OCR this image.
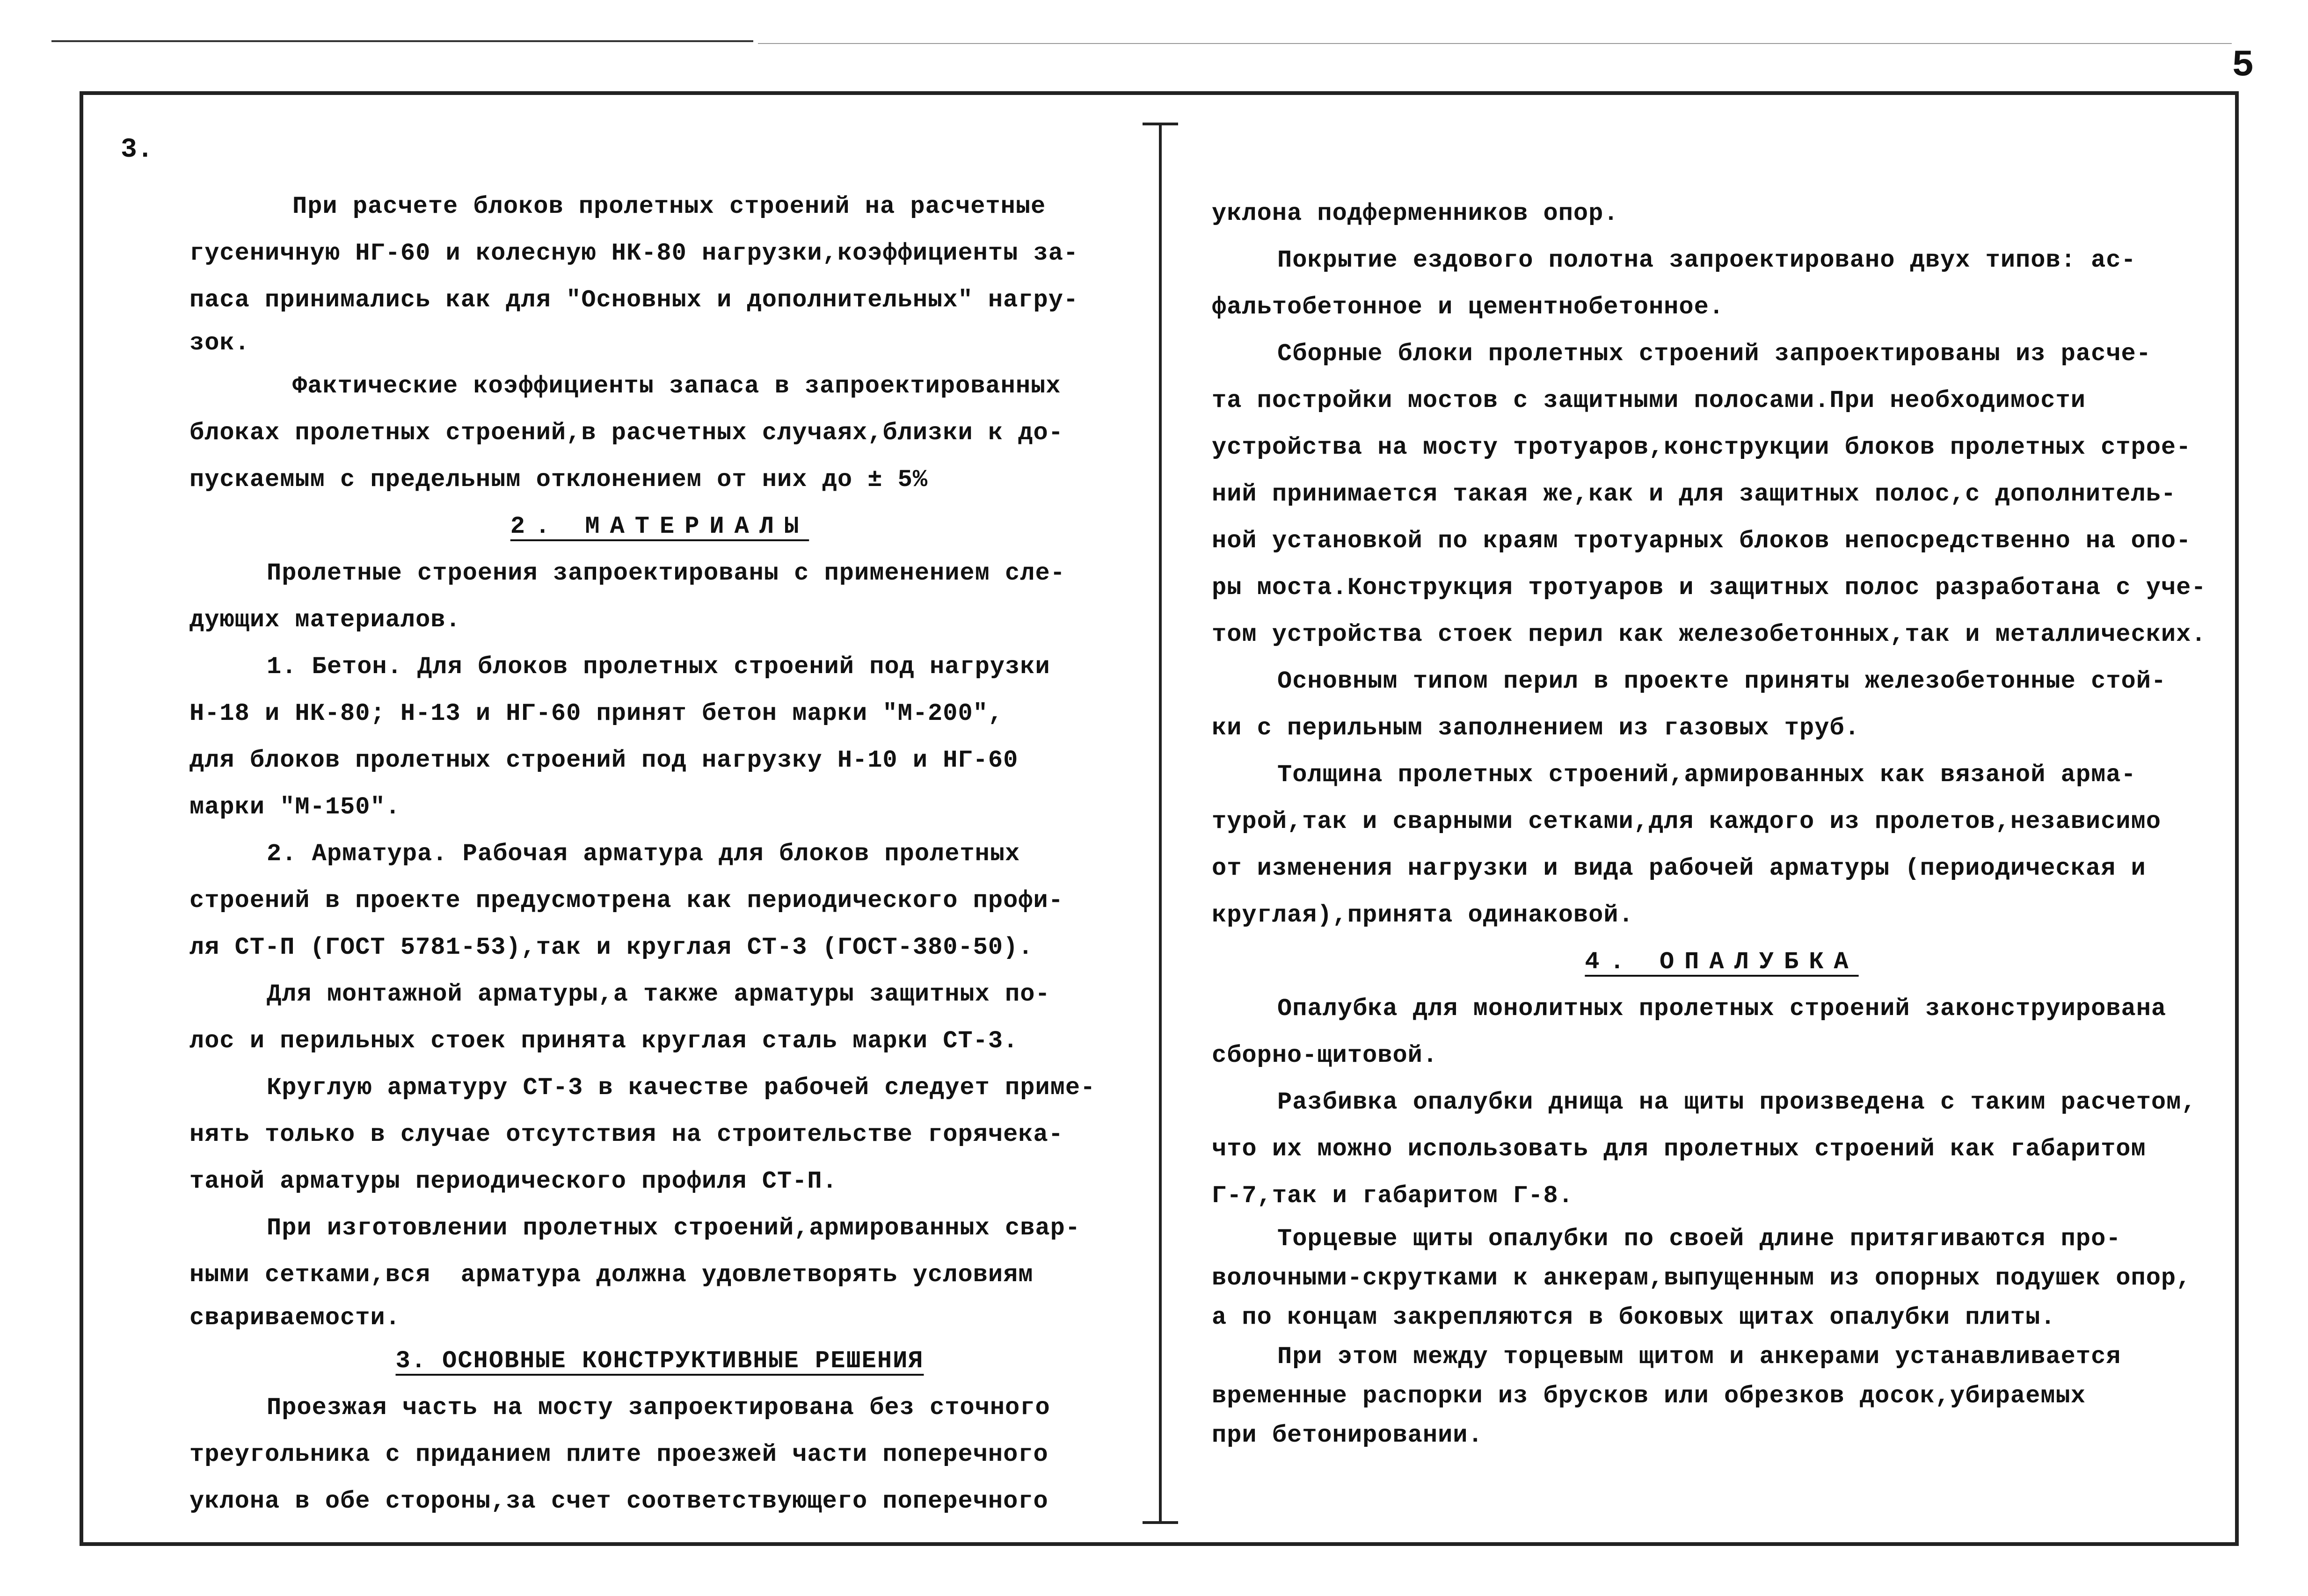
5
3.
При расчете блоков пролетных строений на расчетные
гусеничную НГ-60 и колесную НК-80 нагрузки,коэффициенты за-
паса принимались как для "Основных и дополнительных" нагру-
зок.
Фактические коэффициенты запаса в запроектированных
блоках пролетных строений,в расчетных случаях,близки к до-
пускаемым с предельным отклонением от них до ± 5%
2. МАТЕРИАЛЫ
Пролетные строения запроектированы с применением сле-
дующих материалов.
1. Бетон. Для блоков пролетных строений под нагрузки
Н-18 и НК-80; Н-13 и НГ-60 принят бетон марки "М-200",
для блоков пролетных строений под нагрузку Н-10 и НГ-60
марки "М-150".
2. Арматура. Рабочая арматура для блоков пролетных
строений в проекте предусмотрена как периодического профи-
ля СТ-П (ГОСТ 5781-53),так и круглая СТ-3 (ГОСТ-380-50).
Для монтажной арматуры,а также арматуры защитных по-
лос и перильных стоек принята круглая сталь марки СТ-3.
Круглую арматуру СТ-3 в качестве рабочей следует приме-
нять только в случае отсутствия на строительстве горячека-
таной арматуры периодического профиля СТ-П.
При изготовлении пролетных строений,армированных свар-
ными сетками,вся  арматура должна удовлетворять условиям
свариваемости.
3. ОСНОВНЫЕ КОНСТРУКТИВНЫЕ РЕШЕНИЯ
Проезжая часть на мосту запроектирована без сточного
треугольника с приданием плите проезжей части поперечного
уклона в обе стороны,за счет соответствующего поперечного
уклона подферменников опор.
Покрытие ездового полотна запроектировано двух типов: ас-
фальтобетонное и цементнобетонное.
Сборные блоки пролетных строений запроектированы из расче-
та постройки мостов с защитными полосами.При необходимости
устройства на мосту тротуаров,конструкции блоков пролетных строе-
ний принимается такая же,как и для защитных полос,с дополнитель-
ной установкой по краям тротуарных блоков непосредственно на опо-
ры моста.Конструкция тротуаров и защитных полос разработана с уче-
том устройства стоек перил как железобетонных,так и металлических.
Основным типом перил в проекте приняты железобетонные стой-
ки с перильным заполнением из газовых труб.
Толщина пролетных строений,армированных как вязаной арма-
турой,так и сварными сетками,для каждого из пролетов,независимо
от изменения нагрузки и вида рабочей арматуры (периодическая и
круглая),принята одинаковой.
4. ОПАЛУБКА
Опалубка для монолитных пролетных строений законструирована
сборно-щитовой.
Разбивка опалубки днища на щиты произведена с таким расчетом,
что их можно использовать для пролетных строений как габаритом
Г-7,так и габаритом Г-8.
Торцевые щиты опалубки по своей длине притягиваются про-
волочными-скрутками к анкерам,выпущенным из опорных подушек опор,
а по концам закрепляются в боковых щитах опалубки плиты.
При этом между торцевым щитом и анкерами устанавливается
временные распорки из брусков или обрезков досок,убираемых
при бетонировании.
